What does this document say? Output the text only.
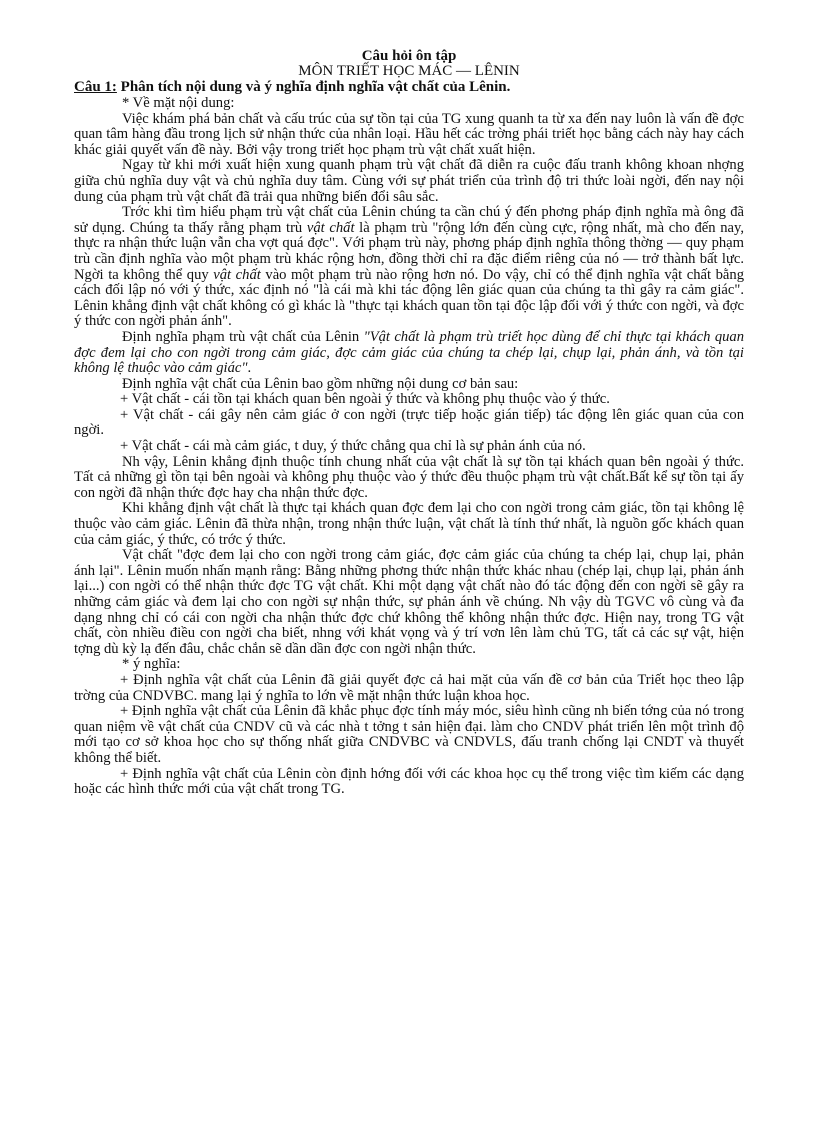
Câu hỏi ôn tập
MÔN TRIẾT HỌC MÁC — LÊNIN
Câu 1: Phân tích nội dung và ý nghĩa định nghĩa vật chất của Lênin.

* Về mặt nội dung:

Việc khám phá bản chất và cấu trúc của sự tồn tại của TG xung quanh ta từ xa đến nay luôn là vấn đề đợc quan tâm hàng đầu trong lịch sử nhận thức của nhân loại. Hầu hết các trờng phái triết học bằng cách này hay cách khác giải quyết vấn đề này. Bởi vậy trong triết học phạm trù vật chất xuất hiện.

Ngay từ khi mới xuất hiện xung quanh phạm trù vật chất đã diễn ra cuộc đấu tranh không khoan nhợng giữa chủ nghĩa duy vật và chủ nghĩa duy tâm. Cùng với sự phát triển của trình độ tri thức loài ngời, đến nay nội dung của phạm trù vật chất đã trải qua những biến đổi sâu sắc.

Trớc khi tìm hiểu phạm trù vật chất của Lênin chúng ta cần chú ý đến phơng pháp định nghĩa mà ông đã sử dụng. Chúng ta thấy rằng phạm trù vật chất là phạm trù "rộng lớn đến cùng cực, rộng nhất, mà cho đến nay, thực ra nhận thức luận vẫn cha vợt quá đợc". Với phạm trù này, phơng pháp định nghĩa thông thờng — quy phạm trù cần định nghĩa vào một phạm trù khác rộng hơn, đồng thời chỉ ra đặc điểm riêng của nó — trở thành bất lực. Ngời ta không thể quy vật chất vào một phạm trù nào rộng hơn nó. Do vậy, chỉ có thể định nghĩa vật chất bằng cách đối lập nó với ý thức, xác định nó "là cái mà khi tác động lên giác quan của chúng ta thì gây ra cảm giác". Lênin khẳng định vật chất không có gì khác là "thực tại khách quan tồn tại độc lập đối với ý thức con ngời, và đợc ý thức con ngời phản ánh".

Định nghĩa phạm trù vật chất của Lênin "Vật chất là phạm trù triết học dùng để chỉ thực tại khách quan đợc đem lại cho con ngời trong cảm giác, đợc cảm giác của chúng ta chép lại, chụp lại, phản ánh, và tồn tại không lệ thuộc vào cảm giác".

Định nghĩa vật chất của Lênin bao gồm những nội dung cơ bản sau:

+ Vật chất - cái tồn tại khách quan bên ngoài ý thức và không phụ thuộc vào ý thức.

+ Vật chất - cái gây nên cảm giác ở con ngời (trực tiếp hoặc gián tiếp) tác động lên giác quan của con ngời.

+ Vật chất - cái mà cảm giác, t duy, ý thức chẳng qua chỉ là sự phản ánh của nó.

Nh vậy, Lênin khẳng định thuộc tính chung nhất của vật chất là sự tồn tại khách quan bên ngoài ý thức. Tất cả những gì tồn tại bên ngoài và không phụ thuộc vào ý thức đều thuộc phạm trù vật chất.Bất kể sự tồn tại ấy con ngời đã nhận thức đợc hay cha nhận thức đợc.

Khi khẳng định vật chất là thực tại khách quan đợc đem lại cho con ngời trong cảm giác, tồn tại không lệ thuộc vào cảm giác. Lênin đã thừa nhận, trong nhận thức luận, vật chất là tính thứ nhất, là nguồn gốc khách quan của cảm giác, ý thức, có trớc ý thức.

Vật chất "đợc đem lại cho con ngời trong cảm giác, đợc cảm giác của chúng ta chép lại, chụp lại, phản ánh lại". Lênin muốn nhấn mạnh rằng: Bằng những phơng thức nhận thức khác nhau (chép lại, chụp lại, phản ánh lại...) con ngời có thể nhận thức đợc TG vật chất. Khi một dạng vật chất nào đó tác động đến con ngời sẽ gây ra những cảm giác và đem lại cho con ngời sự nhận thức, sự phản ánh về chúng. Nh vậy dù TGVC vô cùng và đa dạng nhng chỉ có cái con ngời cha nhận thức đợc chứ không thể không nhận thức đợc. Hiện nay, trong TG vật chất, còn nhiều điều con ngời cha biết, nhng với khát vọng và ý trí vơn lên làm chủ TG, tất cả các sự vật, hiện tợng dù kỳ lạ đến đâu, chắc chắn sẽ dần dần đợc con ngời nhận thức.

* ý nghĩa:

+ Định nghĩa vật chất của Lênin đã giải quyết đợc cả hai mặt của vấn đề cơ bản của Triết học theo lập trờng của CNDVBC. mang lại ý nghĩa to lớn về mặt nhận thức luận khoa học.

+ Định nghĩa vật chất của Lênin đã khắc phục đợc tính máy móc, siêu hình cũng nh biến tớng của nó trong quan niệm về vật chất của CNDV cũ và các nhà t tởng t sản hiện đại. làm cho CNDV phát triển lên một trình độ mới tạo cơ sở khoa học cho sự thống nhất giữa CNDVBC và CNDVLS, đấu tranh chống lại CNDT và thuyết không thể biết.

+ Định nghĩa vật chất của Lênin còn định hớng đối với các khoa học cụ thể trong việc tìm kiếm các dạng hoặc các hình thức mới của vật chất trong TG.
